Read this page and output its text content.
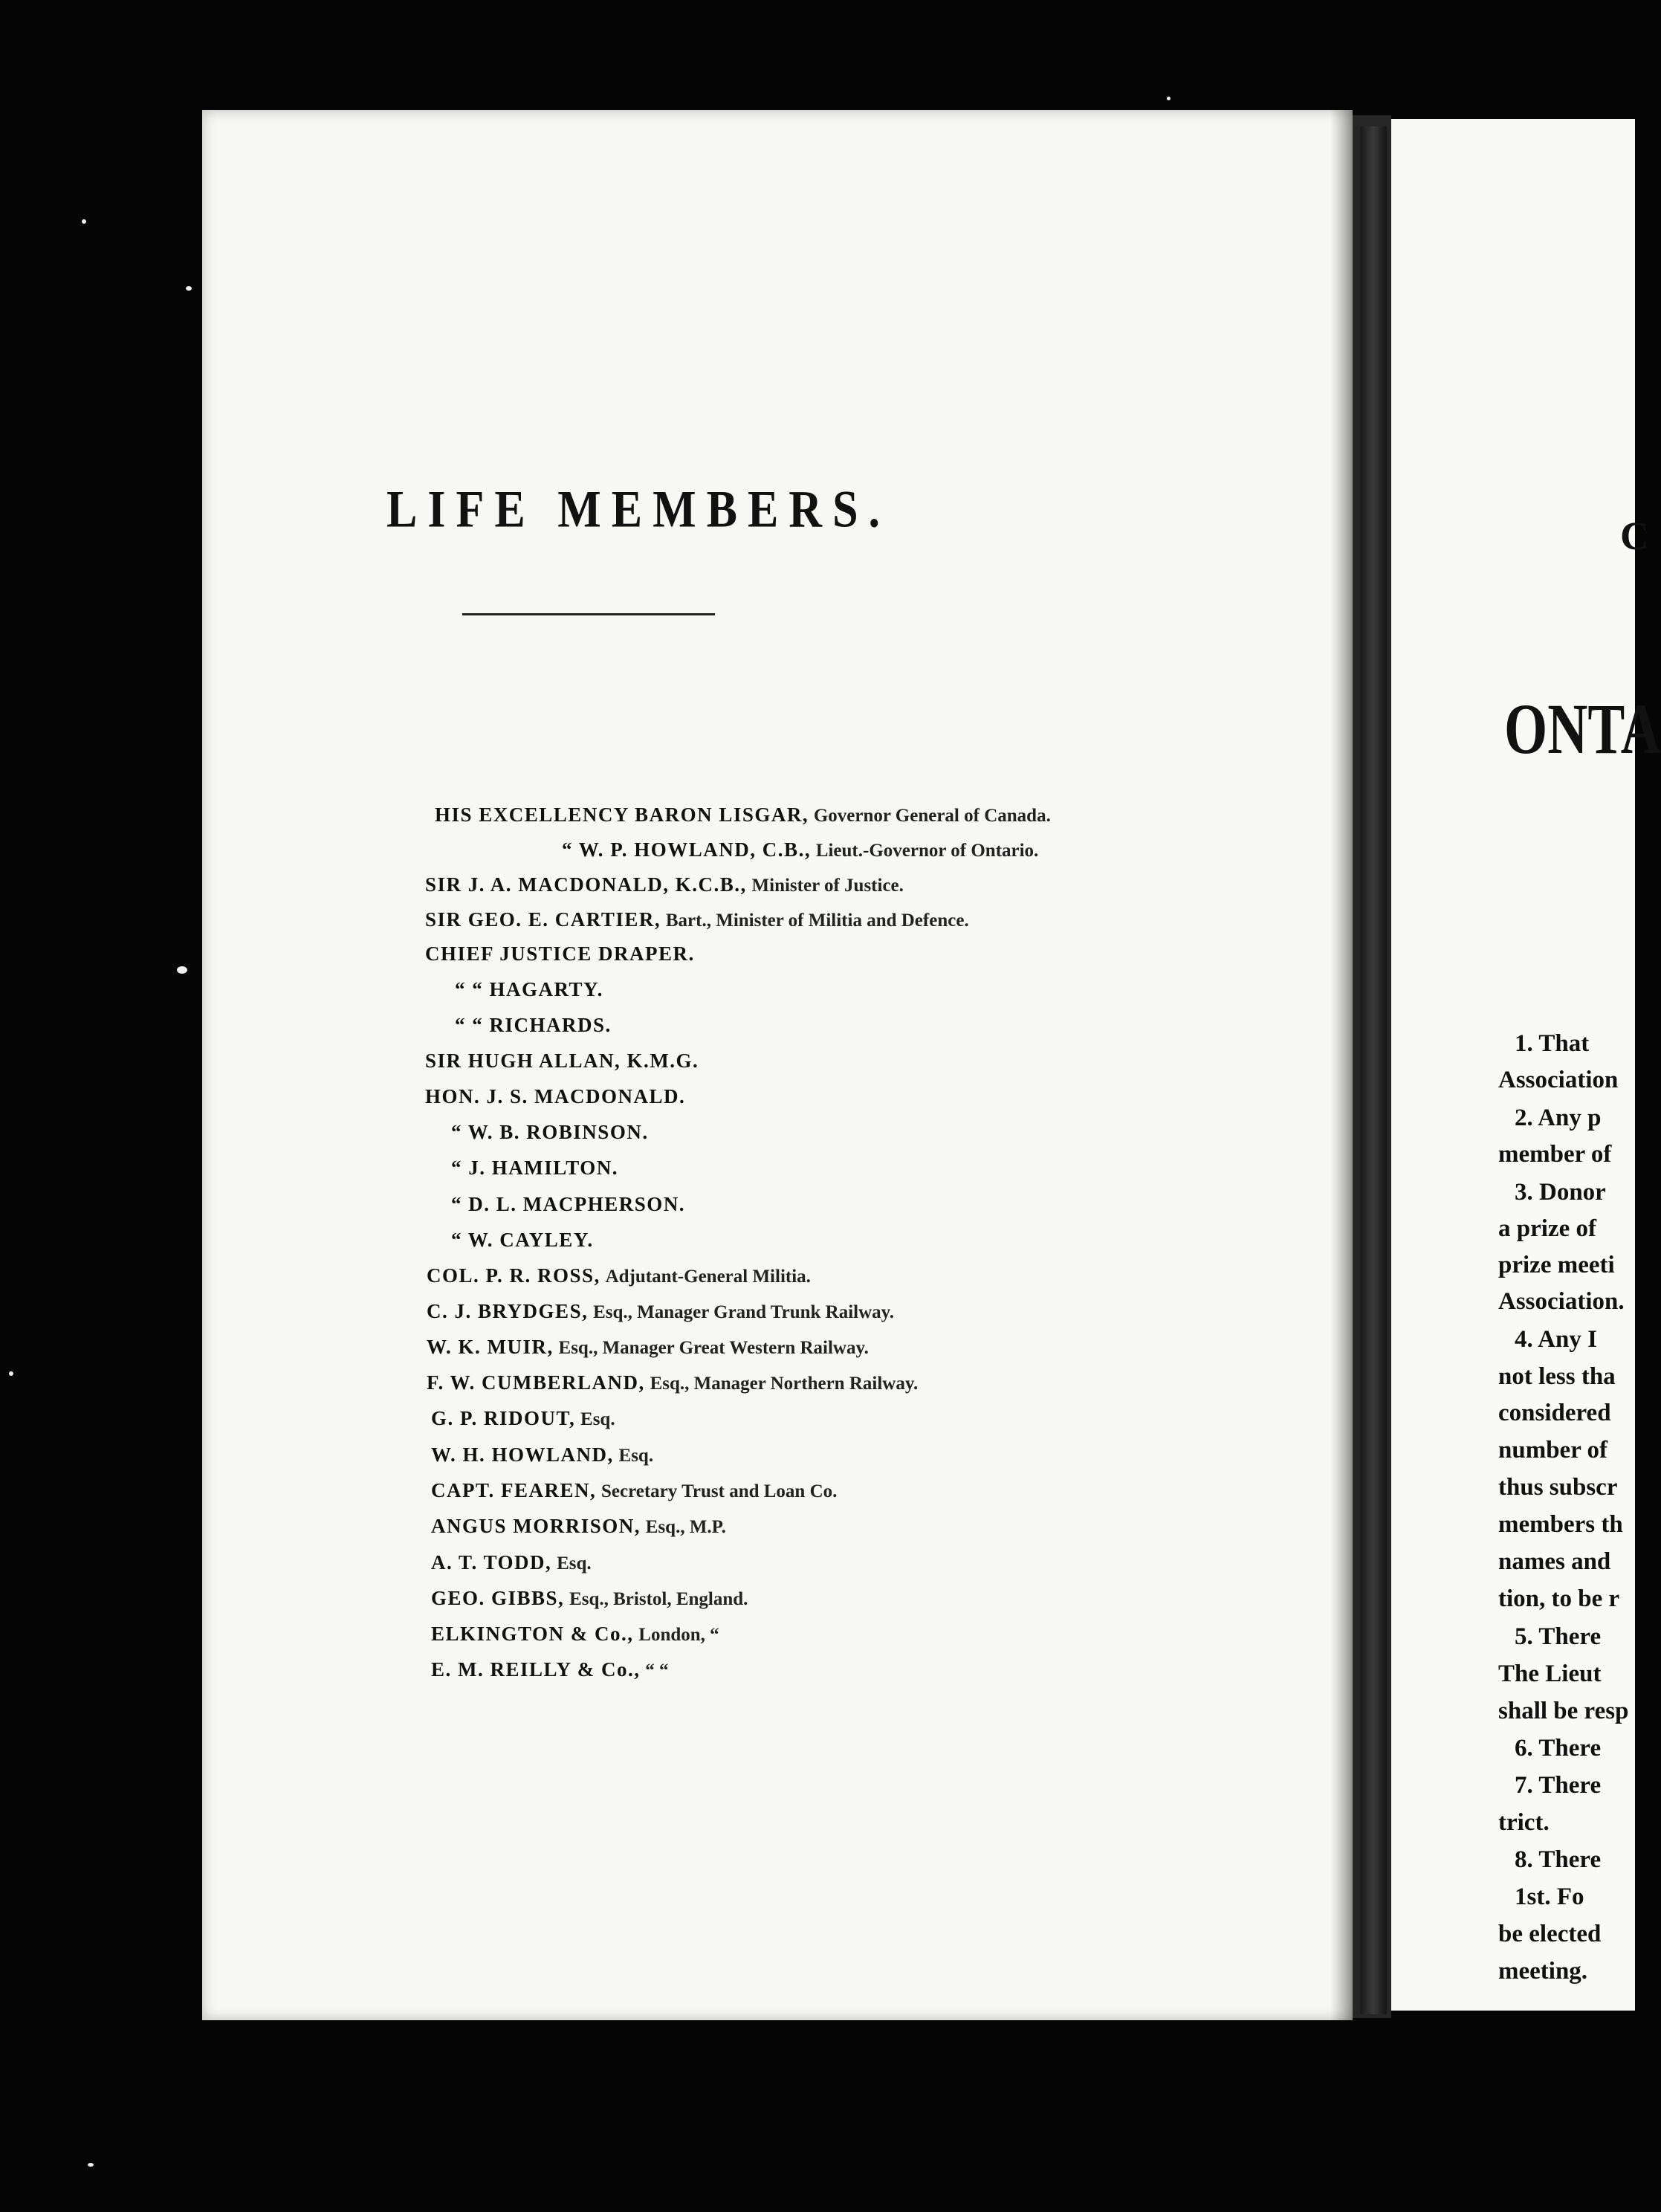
LIFE MEMBERS.
HIS EXCELLENCY BARON LISGAR, Governor General of Canada.
“ W. P. HOWLAND, C.B., Lieut.-Governor of Ontario.
SIR J. A. MACDONALD, K.C.B., Minister of Justice.
SIR GEO. E. CARTIER, Bart., Minister of Militia and Defence.
CHIEF JUSTICE DRAPER.
“ “ HAGARTY.
“ “ RICHARDS.
SIR HUGH ALLAN, K.M.G.
HON. J. S. MACDONALD.
“ W. B. ROBINSON.
“ J. HAMILTON.
“ D. L. MACPHERSON.
“ W. CAYLEY.
COL. P. R. ROSS, Adjutant-General Militia.
C. J. BRYDGES, Esq., Manager Grand Trunk Railway.
W. K. MUIR, Esq., Manager Great Western Railway.
F. W. CUMBERLAND, Esq., Manager Northern Railway.
G. P. RIDOUT, Esq.
W. H. HOWLAND, Esq.
CAPT. FEAREN, Secretary Trust and Loan Co.
ANGUS MORRISON, Esq., M.P.
A. T. TODD, Esq.
GEO. GIBBS, Esq., Bristol, England.
ELKINGTON & Co., London, “
E. M. REILLY & Co., “ “
C
ONTA
1. That
Association
2. Any p
member of
3. Donor
a prize of
prize meeti
Association.
4. Any I
not less tha
considered
number of
thus subscr
members th
names and
tion, to be r
5. There
The Lieut
shall be resp
6. There
7. There
trict.
8. There
1st. Fo
be elected
meeting.
